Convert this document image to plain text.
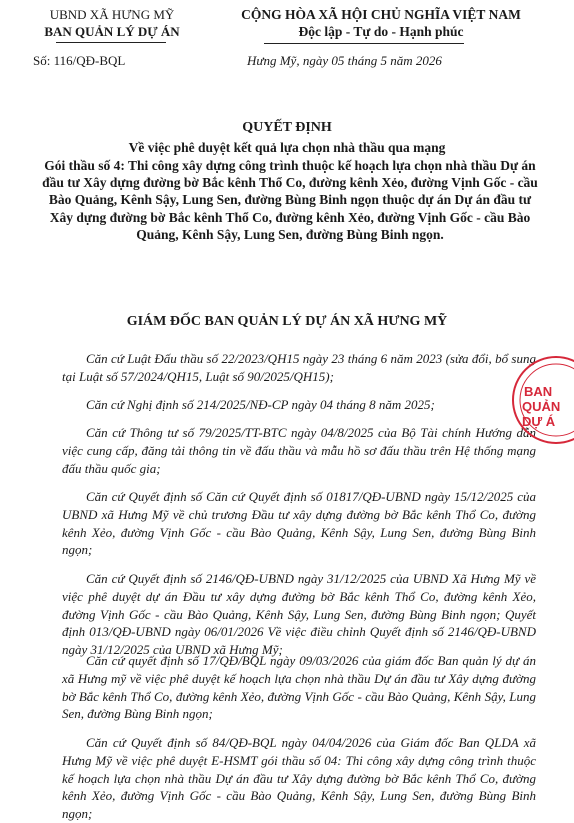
UBND XÃ HƯNG MỸ
BAN QUẢN LÝ DỰ ÁN
Số: 116/QĐ-BQL
CỘNG HÒA XÃ HỘI CHỦ NGHĨA VIỆT NAM
Độc lập - Tự do - Hạnh phúc
Hưng Mỹ, ngày 05 tháng 5 năm 2026
QUYẾT ĐỊNH
Về việc phê duyệt kết quả lựa chọn nhà thầu qua mạng
Gói thầu số 4: Thi công xây dựng công trình thuộc kế hoạch lựa chọn nhà thầu Dự án đầu tư Xây dựng đường bờ Bắc kênh Thổ Co, đường kênh Xẻo, đường Vịnh Gốc - cầu Bào Quảng, Kênh Sậy, Lung Sen, đường Bùng Binh ngọn thuộc dự án Dự án đầu tư Xây dựng đường bờ Bắc kênh Thổ Co, đường kênh Xẻo, đường Vịnh Gốc - cầu Bào Quảng, Kênh Sậy, Lung Sen, đường Bùng Binh ngọn.
GIÁM ĐỐC BAN QUẢN LÝ DỰ ÁN XÃ HƯNG MỸ
Căn cứ Luật Đấu thầu số 22/2023/QH15 ngày 23 tháng 6 năm 2023 (sửa đổi, bổ sung tại Luật số 57/2024/QH15, Luật số 90/2025/QH15);
Căn cứ Nghị định số 214/2025/NĐ-CP ngày 04 tháng 8 năm 2025;
Căn cứ Thông tư số 79/2025/TT-BTC ngày 04/8/2025 của Bộ Tài chính Hướng dẫn việc cung cấp, đăng tải thông tin về đấu thầu và mẫu hồ sơ đấu thầu trên Hệ thống mạng đấu thầu quốc gia;
Căn cứ Quyết định số Căn cứ Quyết định số 01817/QĐ-UBND ngày 15/12/2025 của UBND xã Hưng Mỹ về chủ trương Đầu tư xây dựng đường bờ Bắc kênh Thổ Co, đường kênh Xẻo, đường Vịnh Gốc - cầu Bào Quảng, Kênh Sậy, Lung Sen, đường Bùng Binh ngọn;
Căn cứ Quyết định số 2146/QĐ-UBND ngày 31/12/2025 của UBND Xã Hưng Mỹ về việc phê duyệt dự án Đầu tư xây dựng đường bờ Bắc kênh Thổ Co, đường kênh Xẻo, đường Vịnh Gốc - cầu Bào Quảng, Kênh Sậy, Lung Sen, đường Bùng Binh ngọn; Quyết định 013/QĐ-UBND ngày 06/01/2026 Về việc điều chỉnh Quyết định số 2146/QĐ-UBND ngày 31/12/2025 của UBND xã Hưng Mỹ;
Căn cứ quyết định số 17/QĐ/BQL ngày 09/03/2026 của giám đốc Ban quản lý dự án xã Hưng mỹ về việc phê duyệt kế hoạch lựa chọn nhà thầu Dự án đầu tư Xây dựng đường bờ Bắc kênh Thổ Co, đường kênh Xẻo, đường Vịnh Gốc - cầu Bào Quảng, Kênh Sậy, Lung Sen, đường Bùng Binh ngọn;
Căn cứ Quyết định số 84/QĐ-BQL ngày 04/04/2026 của Giám đốc Ban QLDA xã Hưng Mỹ về việc phê duyệt E-HSMT gói thầu số 04: Thi công xây dựng công trình thuộc kế hoạch lựa chọn nhà thầu Dự án đầu tư Xây dựng đường bờ Bắc kênh Thổ Co, đường kênh Xẻo, đường Vịnh Gốc - cầu Bào Quảng, Kênh Sậy, Lung Sen, đường Bùng Binh ngọn;
BAN
QUẢN
DỰ Á
